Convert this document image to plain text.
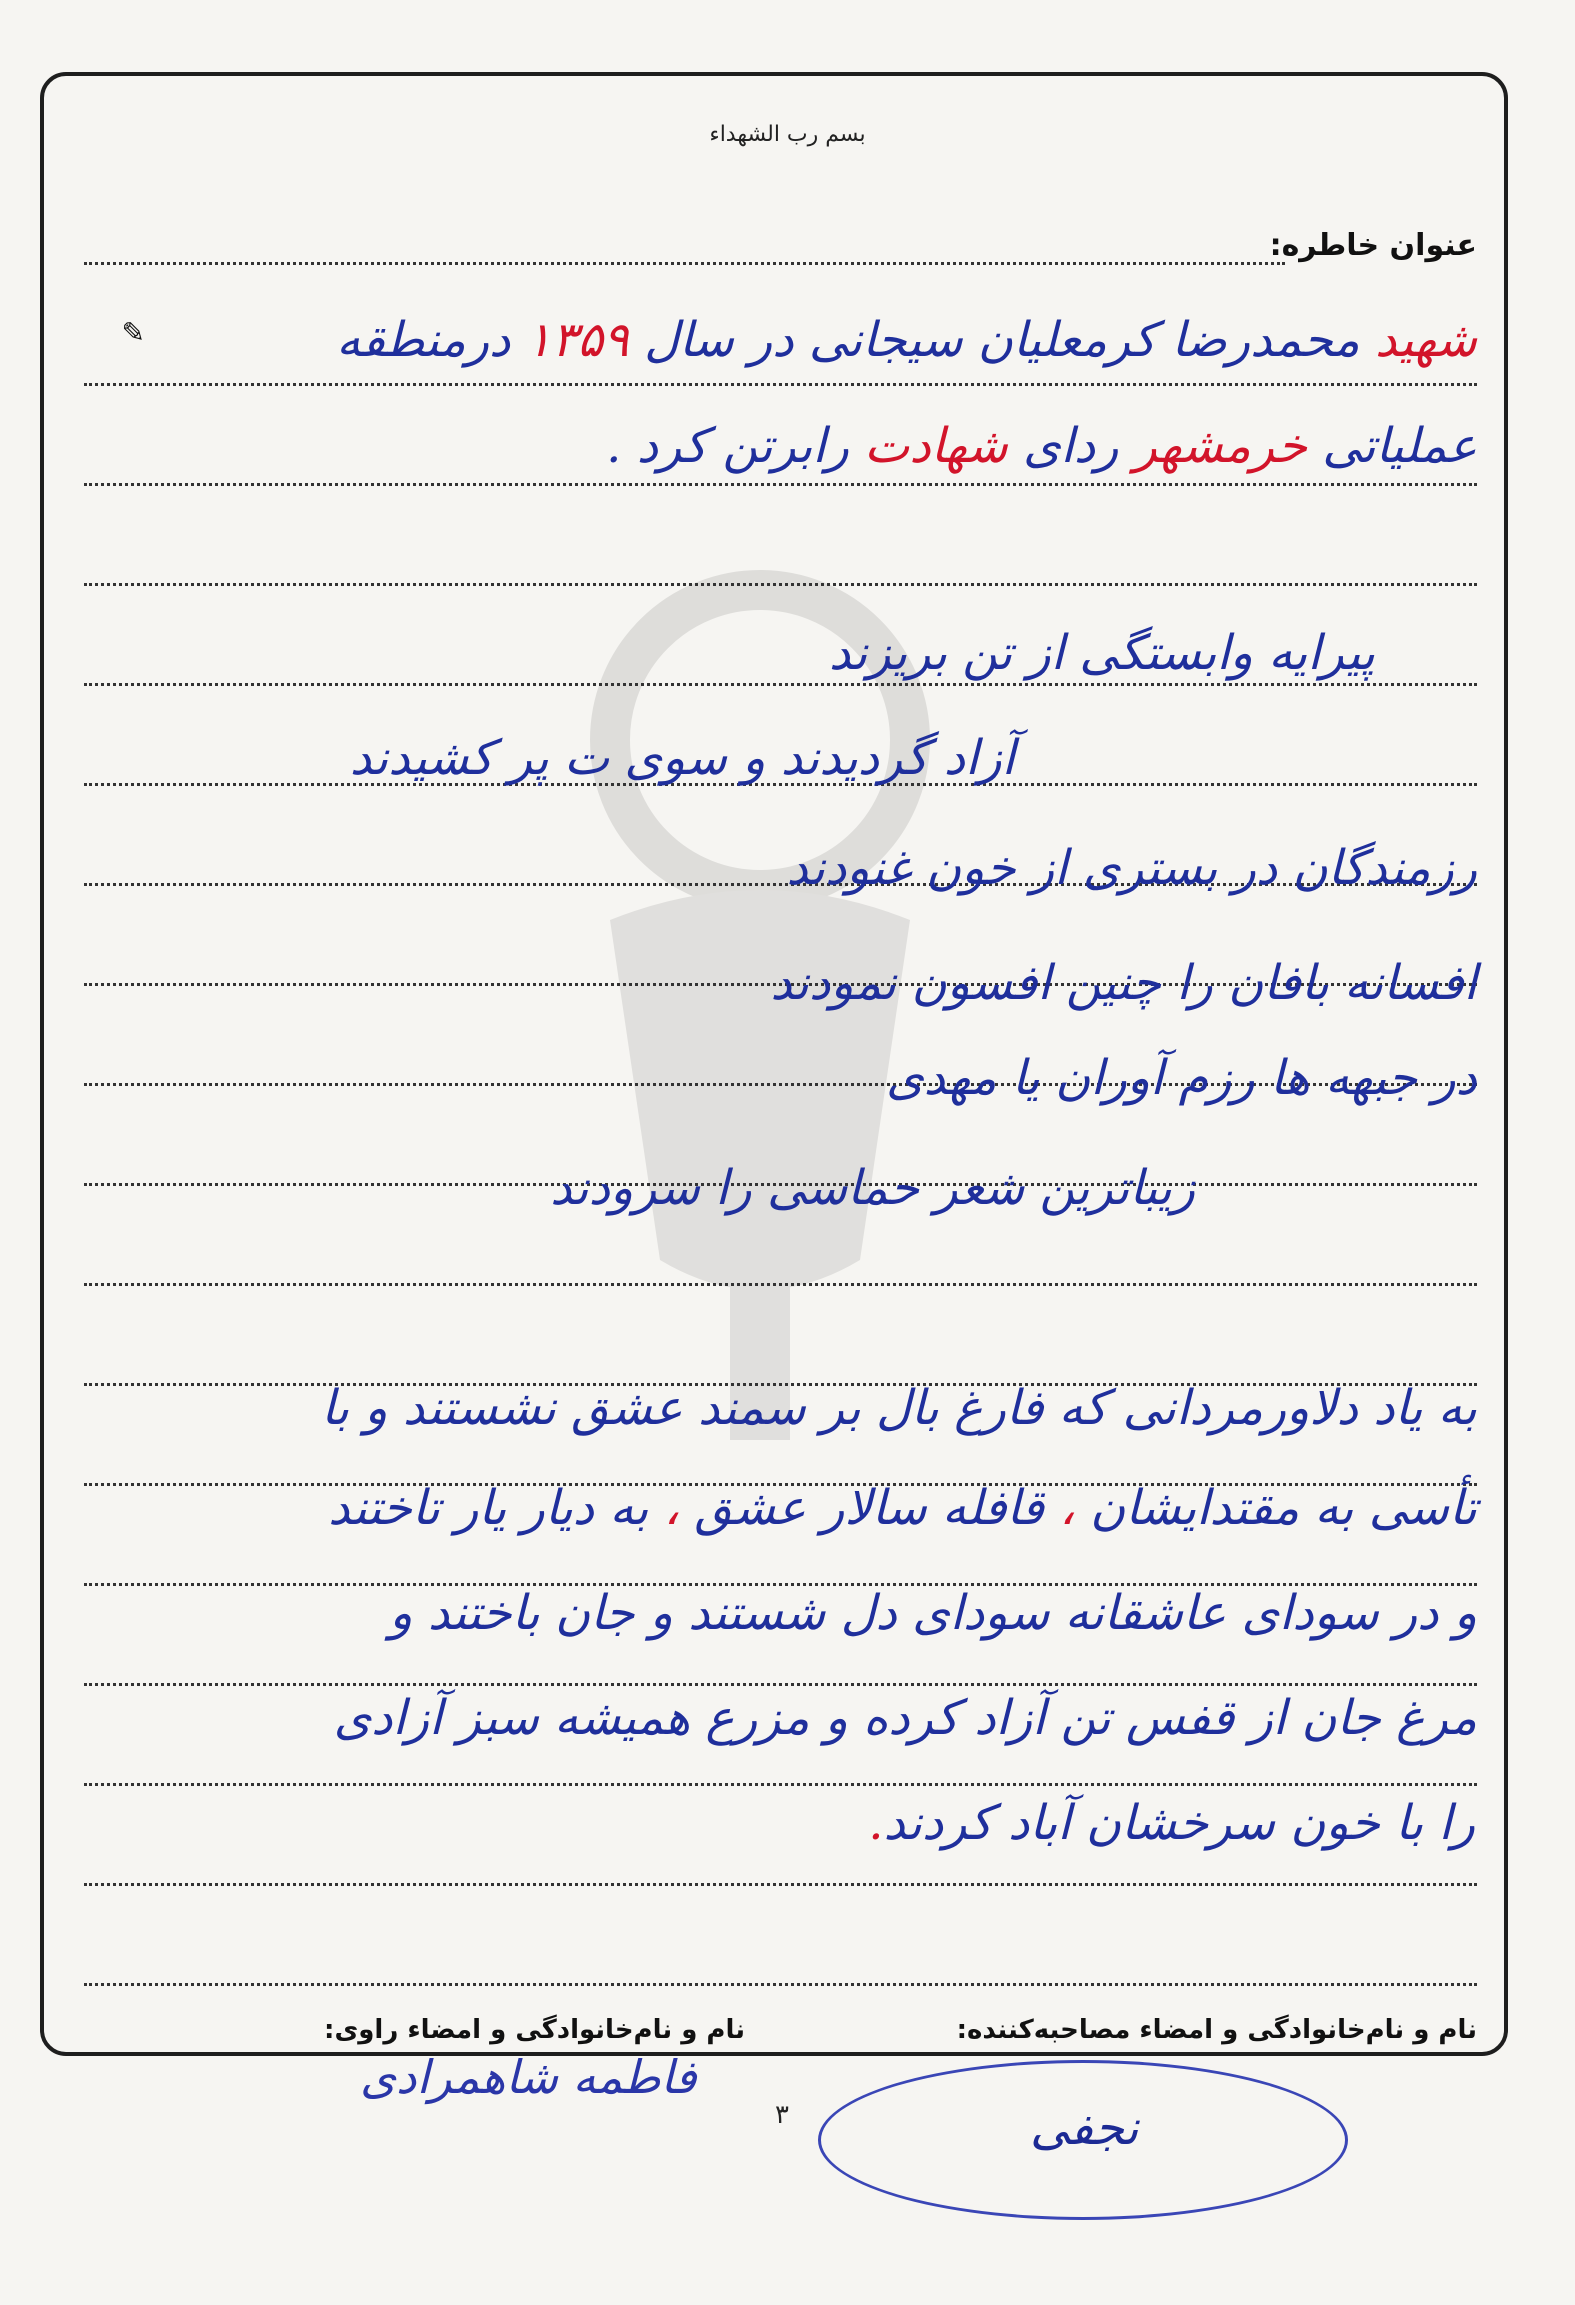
بسم رب الشهداء
عنوان خاطره:
✎	شهید محمدرضا کرمعلیان سیجانی در سال ۱۳۵۹ درمنطقه
عملیاتی خرمشهر ردای شهادت رابرتن کرد .
پیرایه وابستگی از تن بریزند
آزاد گردیدند و سوی ت پر کشیدند
رزمندگان در بستری از خون غنودند
افسانه بافان را چنین افسون نمودند
در جبهه ها رزم آوران یا مهدی
زیباترین شعر حماسی را سرودند
به یاد دلاورمردانی که فارغ بال بر سمند عشق نشستند و با
تأسی به مقتدایشان ، قافله سالار عشق ، به دیار یار تاختند
و در سودای عاشقانه سودای دل شستند و جان باختند و
مرغ جان از قفس تن آزاد کرده و مزرع همیشه سبز آزادی
را با خون سرخشان آباد کردند.
نام و نام‌خانوادگی و امضاء مصاحبه‌کننده:
نام و نام‌خانوادگی و امضاء راوی:
فاطمه شاهمرادی
۳	نجفی
